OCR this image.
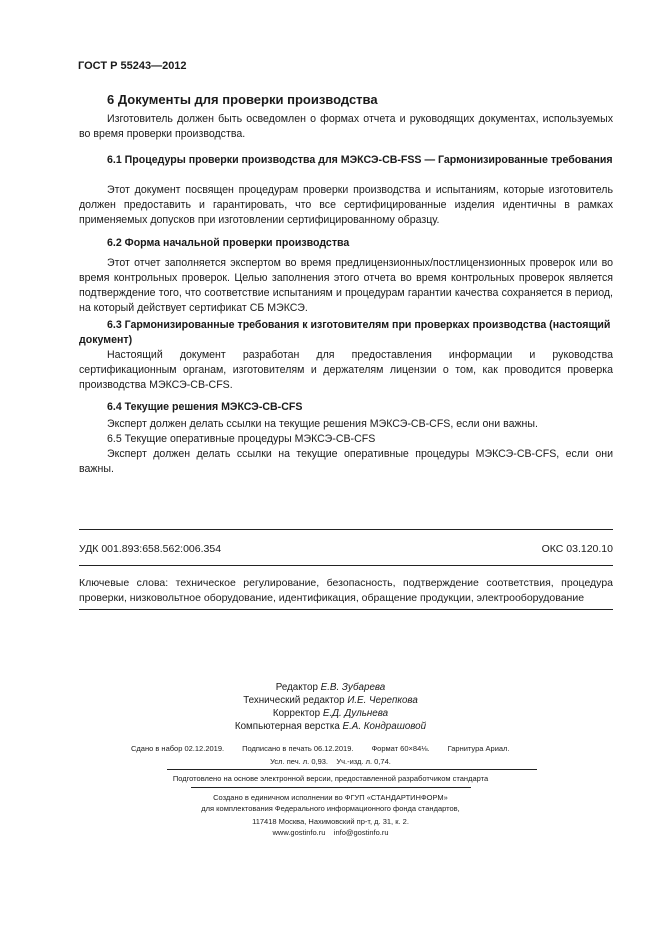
ГОСТ Р 55243—2012
6 Документы для проверки производства
Изготовитель должен быть осведомлен о формах отчета и руководящих документах, используемых во время проверки производства.
6.1 Процедуры проверки производства для МЭКСЭ-СВ-FSS — Гармонизированные требования
Этот документ посвящен процедурам проверки производства и испытаниям, которые изготовитель должен предоставить и гарантировать, что все сертифицированные изделия идентичны в рамках применяемых допусков при изготовлении сертифицированному образцу.
6.2 Форма начальной проверки производства
Этот отчет заполняется экспертом во время предлицензионных/постлицензионных проверок или во время контрольных проверок. Целью заполнения этого отчета во время контрольных проверок является подтверждение того, что соответствие испытаниям и процедурам гарантии качества сохраняется в период, на который действует сертификат СБ МЭКСЭ.
6.3 Гармонизированные требования к изготовителям при проверках производства (настоящий документ)
Настоящий документ разработан для предоставления информации и руководства сертификационным органам, изготовителям и держателям лицензии о том, как проводится проверка производства МЭКСЭ-СВ-CFS.
6.4 Текущие решения МЭКСЭ-СВ-CFS
Эксперт должен делать ссылки на текущие решения МЭКСЭ-СВ-CFS, если они важны.
6.5 Текущие оперативные процедуры МЭКСЭ-СВ-CFS
Эксперт должен делать ссылки на текущие оперативные процедуры МЭКСЭ-СВ-CFS, если они важны.
УДК 001.893:658.562:006.354	ОКС 03.120.10
Ключевые слова: техническое регулирование, безопасность, подтверждение соответствия, процедура проверки, низковольтное оборудование, идентификация, обращение продукции, электрооборудование
Редактор Е.В. Зубарева
Технический редактор И.Е. Черепкова
Корректор Е.Д. Дульнева
Компьютерная верстка Е.А. Кондрашовой
Сдано в набор 02.12.2019. Подписано в печать 06.12.2019. Формат 60×84⅛. Гарнитура Ариал.
Усл. печ. л. 0,93. Уч.-изд. л. 0,74.
Подготовлено на основе электронной версии, предоставленной разработчиком стандарта
Создано в единичном исполнении во ФГУП «СТАНДАРТИНФОРМ»
для комплектования Федерального информационного фонда стандартов,
117418 Москва, Нахимовский пр-т, д. 31, к. 2.
www.gostinfo.ru info@gostinfo.ru
